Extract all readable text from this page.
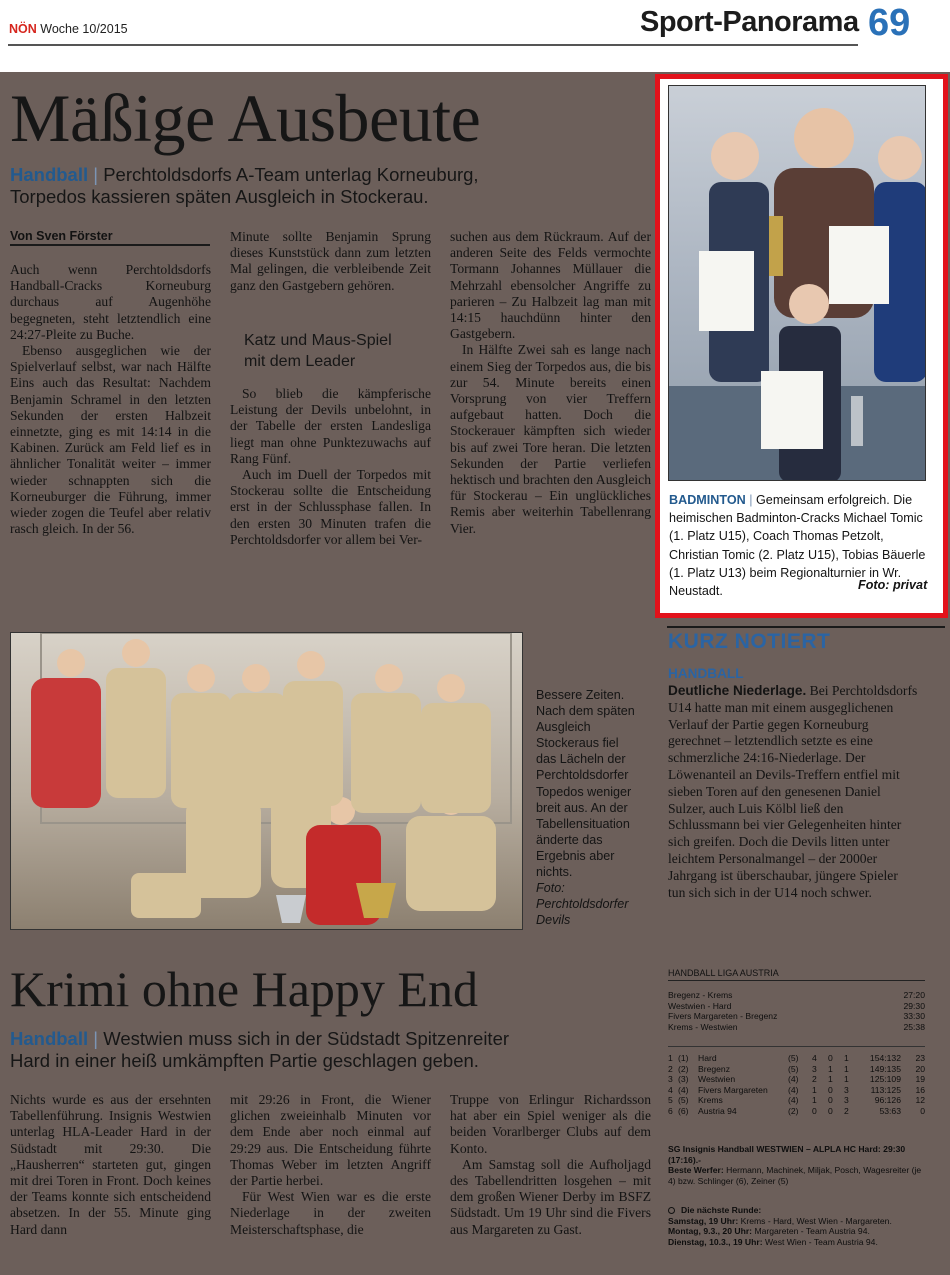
NÖN Woche 10/2015	Sport-Panorama 69
Mäßige Ausbeute
Handball | Perchtoldsdorfs A-Team unterlag Korneuburg,
Torpedos kassieren späten Ausgleich in Stockerau.
Von Sven Förster

Auch wenn Perchtoldsdorfs Handball-Cracks Korneuburg durchaus auf Augenhöhe begegneten, steht letztendlich eine 24:27-Pleite zu Buche.

Ebenso ausgeglichen wie der Spielverlauf selbst, war nach Hälfte Eins auch das Resultat: Nachdem Benjamin Schramel in den letzten Sekunden der ersten Halbzeit einnetzte, ging es mit 14:14 in die Kabinen. Zurück am Feld lief es in ähnlicher Tonalität weiter – immer wieder schnappten sich die Korneuburger die Führung, immer wieder zogen die Teufel aber relativ rasch gleich. In der 56.

Minute sollte Benjamin Sprung dieses Kunststück dann zum letzten Mal gelingen, die verbleibende Zeit ganz den Gastgebern gehören.

Katz und Maus-Spiel
mit dem Leader

So blieb die kämpferische Leistung der Devils unbelohnt, in der Tabelle der ersten Landesliga liegt man ohne Punktezuwachs auf Rang Fünf.

Auch im Duell der Torpedos mit Stockerau sollte die Entscheidung erst in der Schlussphase fallen. In den ersten 30 Minuten trafen die Perchtoldsdorfer vor allem bei Ver-

suchen aus dem Rückraum. Auf der anderen Seite des Felds vermochte Tormann Johannes Müllauer die Mehrzahl ebensolcher Angriffe zu parieren – Zu Halbzeit lag man mit 14:15 hauchdünn hinter den Gastgebern.

In Hälfte Zwei sah es lange nach einem Sieg der Torpedos aus, die bis zur 54. Minute bereits einen Vorsprung von vier Treffern aufgebaut hatten. Doch die Stockerauer kämpften sich wieder bis auf zwei Tore heran. Die letzten Sekunden der Partie verliefen hektisch und brachten den Ausgleich für Stockerau – Ein unglückliches Remis aber weiterhin Tabellenrang Vier.

BADMINTON | Gemeinsam erfolgreich. Die heimischen Badminton-Cracks Michael Tomic (1. Platz U15), Coach Thomas Petzolt, Christian Tomic (2. Platz U15), Tobias Bäuerle (1. Platz U13) beim Regionalturnier in Wr. Neustadt.	Foto: privat
Bessere Zeiten. Nach dem späten Ausgleich Stockeraus fiel das Lächeln der Perchtoldsdorfer Topedos weniger breit aus. An der Tabellensituation änderte das Ergebnis aber nichts.
Foto: Perchtoldsdorfer Devils
KURZ NOTIERT
HANDBALL
Deutliche Niederlage. Bei Perchtoldsdorfs U14 hatte man mit einem ausgeglichenen Verlauf der Partie gegen Korneuburg gerechnet – letztendlich setzte es eine schmerzliche 24:16-Niederlage. Der Löwenanteil an Devils-Treffern entfiel mit sieben Toren auf den genesenen Daniel Sulzer, auch Luis Kölbl ließ den Schlussmann bei vier Gelegenheiten hinter sich greifen. Doch die Devils litten unter leichtem Personalmangel – der 2000er Jahrgang ist überschaubar, jüngere Spieler tun sich sich in der U14 noch schwer.
HANDBALL LIGA AUSTRIA
Bregenz - Krems	27:20
Westwien - Hard	29:30
Fivers Margareten - Bregenz	33:30
Krems - Westwien	25:38
1	(1)	Hard	(5)	4	0	1	154:132	23
2	(2)	Bregenz	(5)	3	1	1	149:135	20
3	(3)	Westwien	(4)	2	1	1	125:109	19
4	(4)	Fivers Margareten	(4)	1	0	3	113:125	16
5	(5)	Krems	(4)	1	0	3	96:126	12
6	(6)	Austria 94	(2)	0	0	2	53:63	0
SG Insignis Handball WESTWIEN – ALPLA HC Hard: 29:30 (17:16).-
Beste Werfer: Hermann, Machinek, Miljak, Posch, Wagesreiter (je 4) bzw. Schlinger (6), Zeiner (5)
Die nächste Runde:
Samstag, 19 Uhr: Krems - Hard, West Wien - Margareten.
Montag, 9.3., 20 Uhr: Margareten - Team Austria 94.
Dienstag, 10.3., 19 Uhr: West Wien - Team Austria 94.
Krimi ohne Happy End
Handball | Westwien muss sich in der Südstadt Spitzenreiter
Hard in einer heiß umkämpften Partie geschlagen geben.

Nichts wurde es aus der ersehnten Tabellenführung. Insignis Westwien unterlag HLA-Leader Hard in der Südstadt mit 29:30. Die „Hausherren“ starteten gut, gingen mit drei Toren in Front. Doch keines der Teams konnte sich entscheidend absetzen. In der 55. Minute ging Hard dann

mit 29:26 in Front, die Wiener glichen zweieinhalb Minuten vor dem Ende aber noch einmal auf 29:29 aus. Die Entscheidung führte Thomas Weber im letzten Angriff der Partie herbei.

Für West Wien war es die erste Niederlage in der zweiten Meisterschaftsphase, die

Truppe von Erlingur Richardsson hat aber ein Spiel weniger als die beiden Vorarlberger Clubs auf dem Konto.

Am Samstag soll die Aufholjagd des Tabellendritten losgehen – mit dem großen Wiener Derby im BSFZ Südstadt. Um 19 Uhr sind die Fivers aus Margareten zu Gast.
